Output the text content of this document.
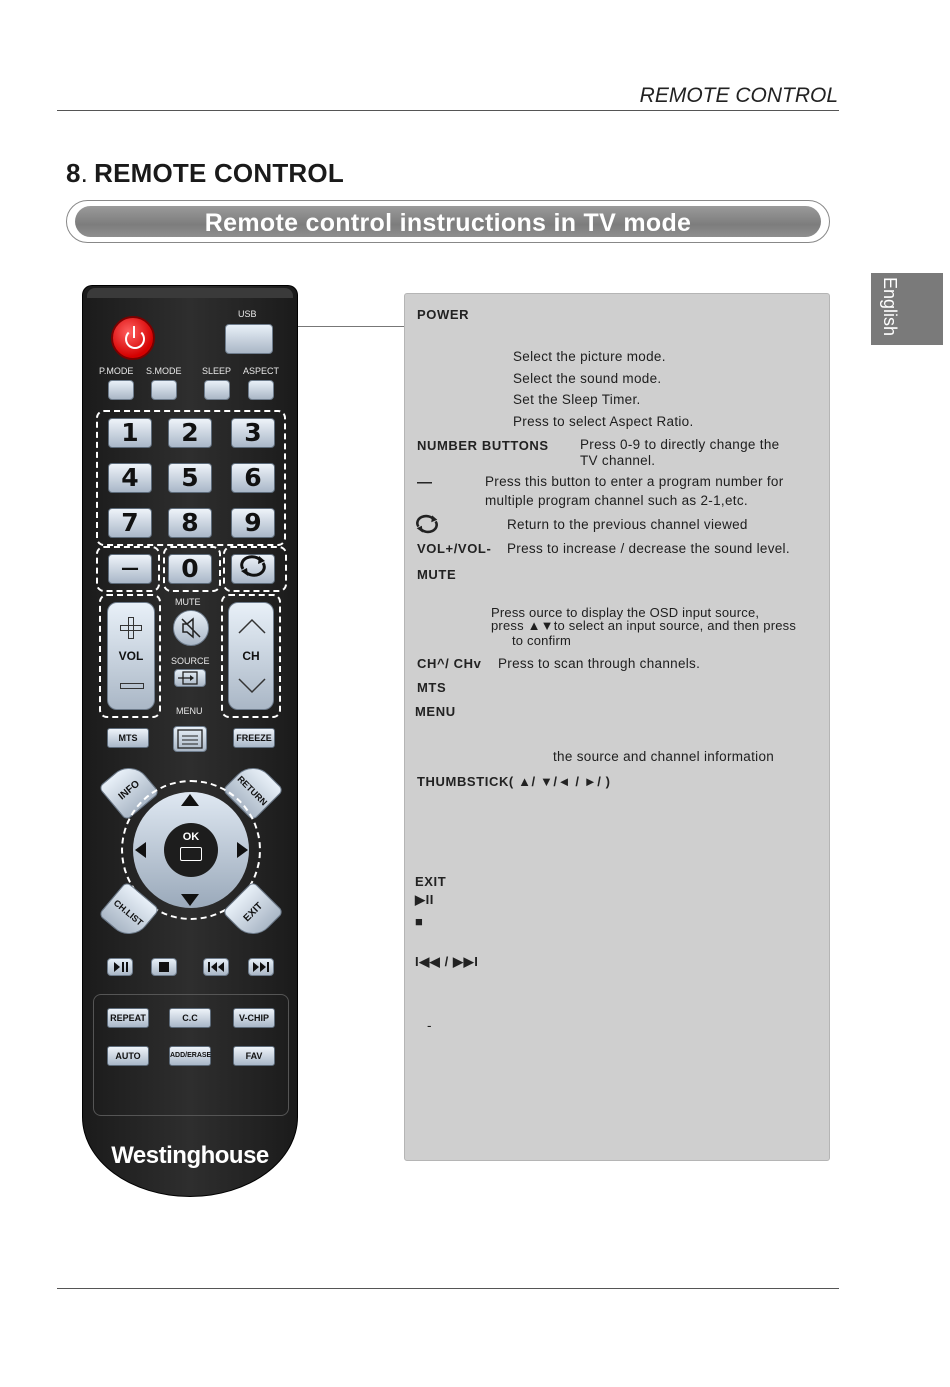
REMOTE CONTROL
8. REMOTE CONTROL
Remote control instructions in TV mode
English
USB
P.MODE S.MODE SLEEP ASPECT
1	2	3
4	5	6
7	8	9
—	0
VOL
MUTE
SOURCE	CH
MENU
MTS	FREEZE
INFO	RETURN
OK
CH.LIST	EXIT
REPEAT	C.C	V-CHIP
AUTO	ADD/ERASE	FAV
Westinghouse
POWER
Select the picture mode.
Select the sound mode.
Set the Sleep Timer.
Press to select Aspect Ratio.
NUMBER BUTTONS Press 0-9 to directly change the
TV channel.
—	Press this button to enter a program number for
multiple program channel such as 2-1,etc.
Return to the previous channel viewed
VOL+/VOL- Press to increase / decrease the sound level.
MUTE
Press ource to display the OSD input source,
press ▲▼to select an input source, and then press
to confirm
CH^/ CHv Press to scan through channels.
MTS
MENU
the source and channel information
THUMBSTICK( ▲/ ▼/◄ / ►/ )
EXIT
▶II
■
I◀◀ / ▶▶I
-
